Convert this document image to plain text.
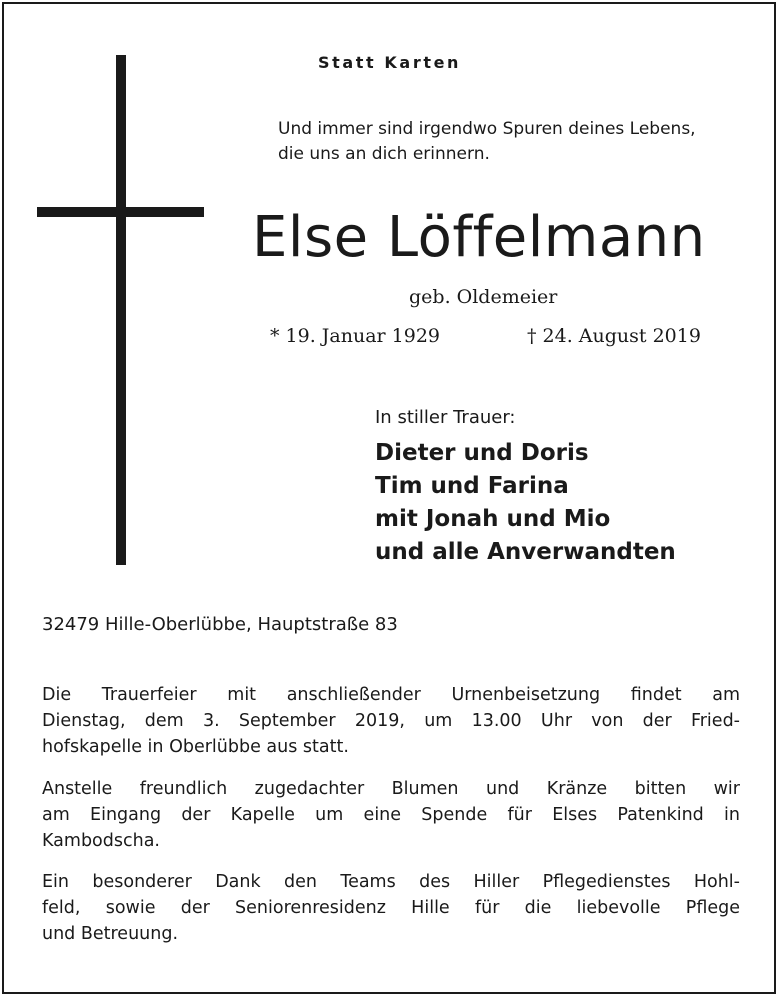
Statt Karten
Und immer sind irgendwo Spuren deines Lebens,
die uns an dich erinnern.
Else Löffelmann
geb. Oldemeier
* 19. Januar 1929	† 24. August 2019
In stiller Trauer:
Dieter und Doris
Tim und Farina
mit Jonah und Mio
und alle Anverwandten
32479 Hille-Oberlübbe, Hauptstraße 83
Die Trauerfeier mit anschließender Urnenbeisetzung findet am
Dienstag, dem 3. September 2019, um 13.00 Uhr von der Fried-
hofskapelle in Oberlübbe aus statt.
Anstelle freundlich zugedachter Blumen und Kränze bitten wir
am Eingang der Kapelle um eine Spende für Elses Patenkind in
Kambodscha.
Ein besonderer Dank den Teams des Hiller Pflegedienstes Hohl-
feld, sowie der Seniorenresidenz Hille für die liebevolle Pflege
und Betreuung.
